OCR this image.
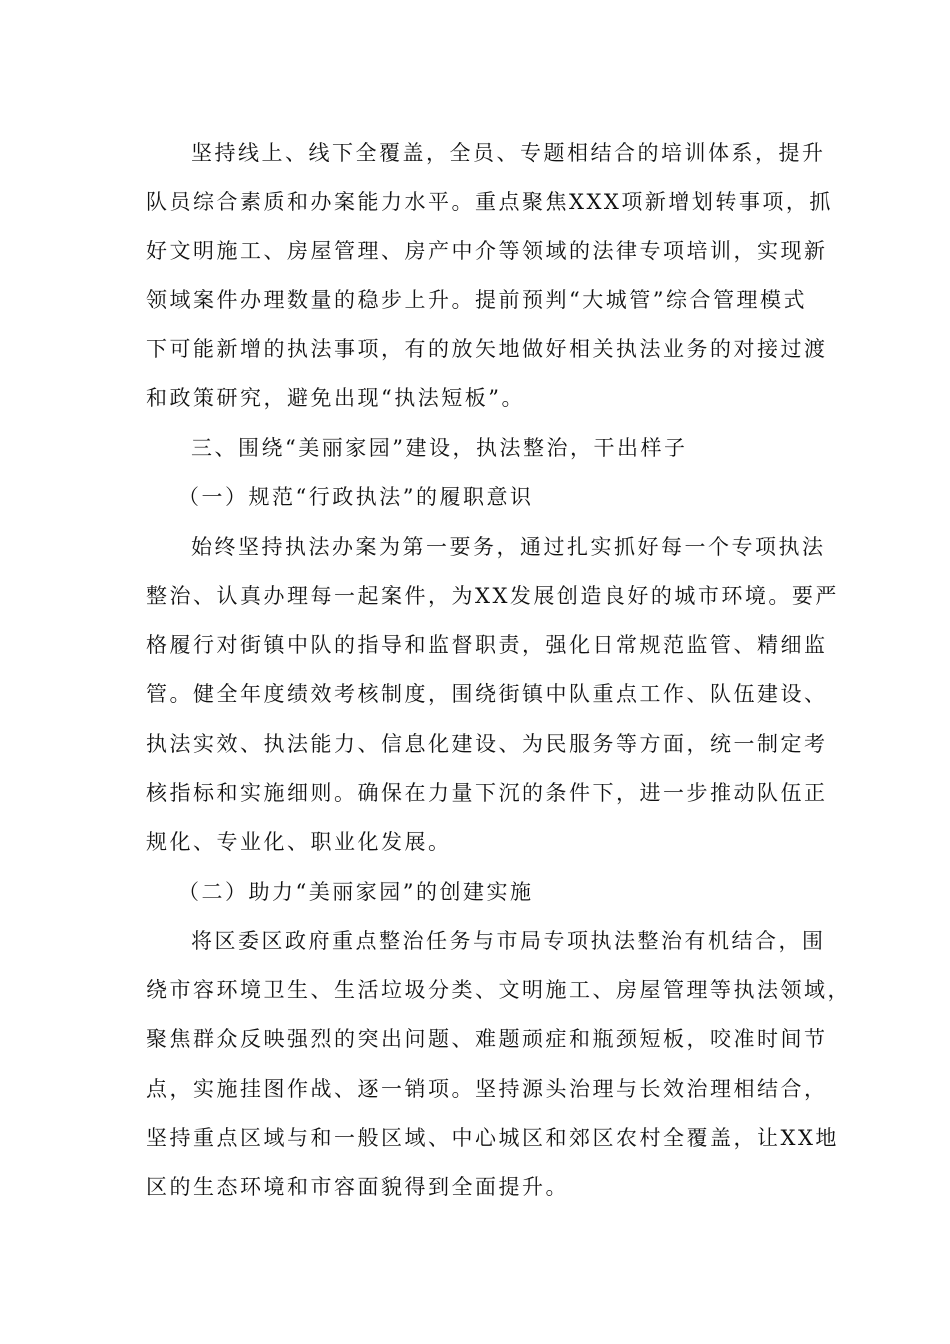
坚持线上、线下全覆盖，全员、专题相结合的培训体系，提升
队员综合素质和办案能力水平。重点聚焦XXX项新增划转事项，抓
好文明施工、房屋管理、房产中介等领域的法律专项培训，实现新
领域案件办理数量的稳步上升。提前预判“大城管”综合管理模式
下可能新增的执法事项，有的放矢地做好相关执法业务的对接过渡
和政策研究，避免出现“执法短板”。
三、围绕“美丽家园”建设，执法整治，干出样子
（一）规范“行政执法”的履职意识
始终坚持执法办案为第一要务，通过扎实抓好每一个专项执法
整治、认真办理每一起案件，为XX发展创造良好的城市环境。要严
格履行对街镇中队的指导和监督职责，强化日常规范监管、精细监
管。健全年度绩效考核制度，围绕街镇中队重点工作、队伍建设、
执法实效、执法能力、信息化建设、为民服务等方面，统一制定考
核指标和实施细则。确保在力量下沉的条件下，进一步推动队伍正
规化、专业化、职业化发展。
（二）助力“美丽家园”的创建实施
将区委区政府重点整治任务与市局专项执法整治有机结合，围
绕市容环境卫生、生活垃圾分类、文明施工、房屋管理等执法领域，
聚焦群众反映强烈的突出问题、难题顽症和瓶颈短板，咬准时间节
点，实施挂图作战、逐一销项。坚持源头治理与长效治理相结合，
坚持重点区域与和一般区域、中心城区和郊区农村全覆盖，让XX地
区的生态环境和市容面貌得到全面提升。
